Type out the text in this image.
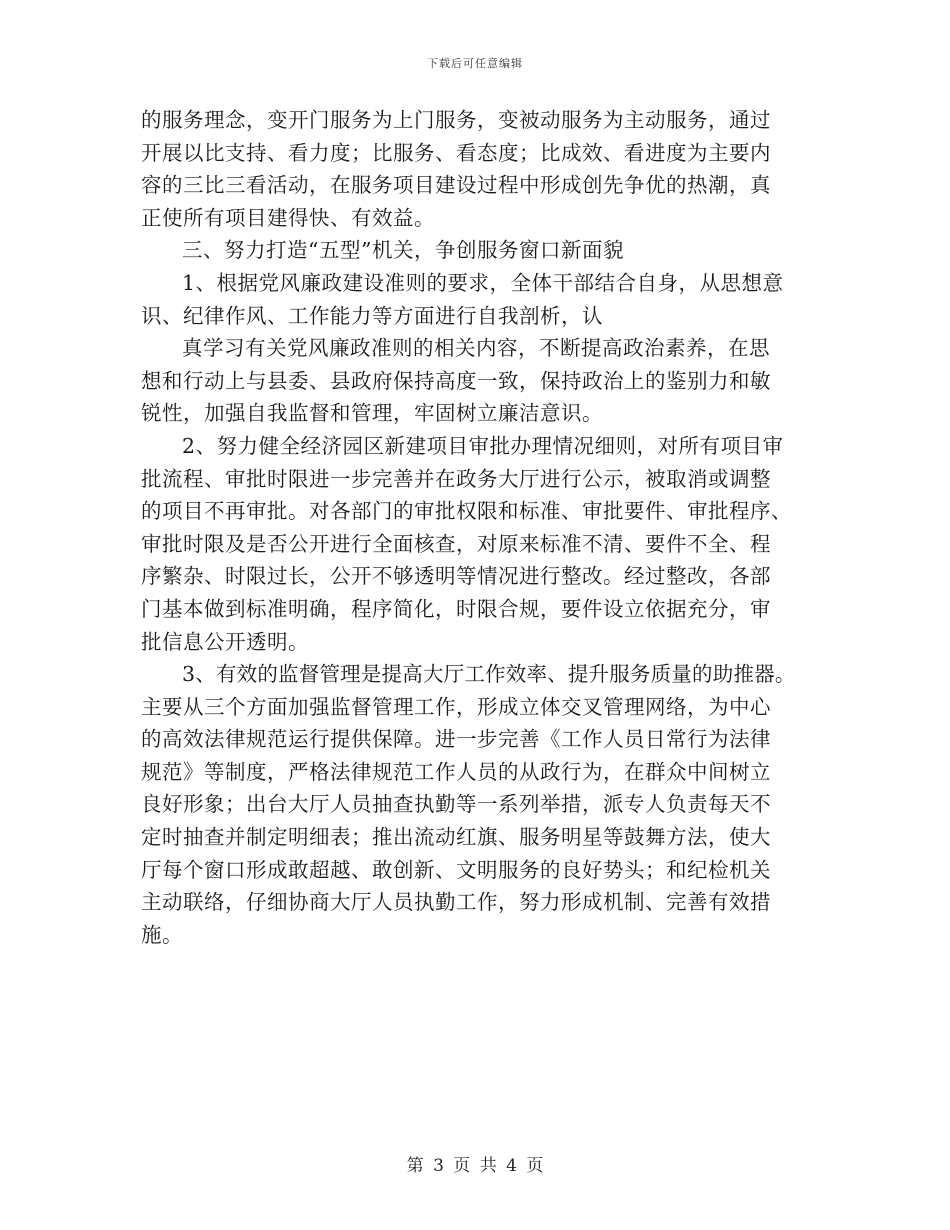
下载后可任意编辑
的服务理念，变开门服务为上门服务，变被动服务为主动服务，通过
开展以比支持、看力度；比服务、看态度；比成效、看进度为主要内
容的三比三看活动，在服务项目建设过程中形成创先争优的热潮，真
正使所有项目建得快、有效益。
三、努力打造“五型”机关，争创服务窗口新面貌
1、根据党风廉政建设准则的要求，全体干部结合自身，从思想意
识、纪律作风、工作能力等方面进行自我剖析，认
真学习有关党风廉政准则的相关内容，不断提高政治素养，在思
想和行动上与县委、县政府保持高度一致，保持政治上的鉴别力和敏
锐性，加强自我监督和管理，牢固树立廉洁意识。
2、努力健全经济园区新建项目审批办理情况细则，对所有项目审
批流程、审批时限进一步完善并在政务大厅进行公示，被取消或调整
的项目不再审批。对各部门的审批权限和标准、审批要件、审批程序、
审批时限及是否公开进行全面核查，对原来标准不清、要件不全、程
序繁杂、时限过长，公开不够透明等情况进行整改。经过整改，各部
门基本做到标准明确，程序简化，时限合规，要件设立依据充分，审
批信息公开透明。
3、有效的监督管理是提高大厅工作效率、提升服务质量的助推器。
主要从三个方面加强监督管理工作，形成立体交叉管理网络，为中心
的高效法律规范运行提供保障。进一步完善《工作人员日常行为法律
规范》等制度，严格法律规范工作人员的从政行为，在群众中间树立
良好形象；出台大厅人员抽查执勤等一系列举措，派专人负责每天不
定时抽查并制定明细表；推出流动红旗、服务明星等鼓舞方法，使大
厅每个窗口形成敢超越、敢创新、文明服务的良好势头；和纪检机关
主动联络，仔细协商大厅人员执勤工作，努力形成机制、完善有效措
施。
第 3 页 共 4 页
